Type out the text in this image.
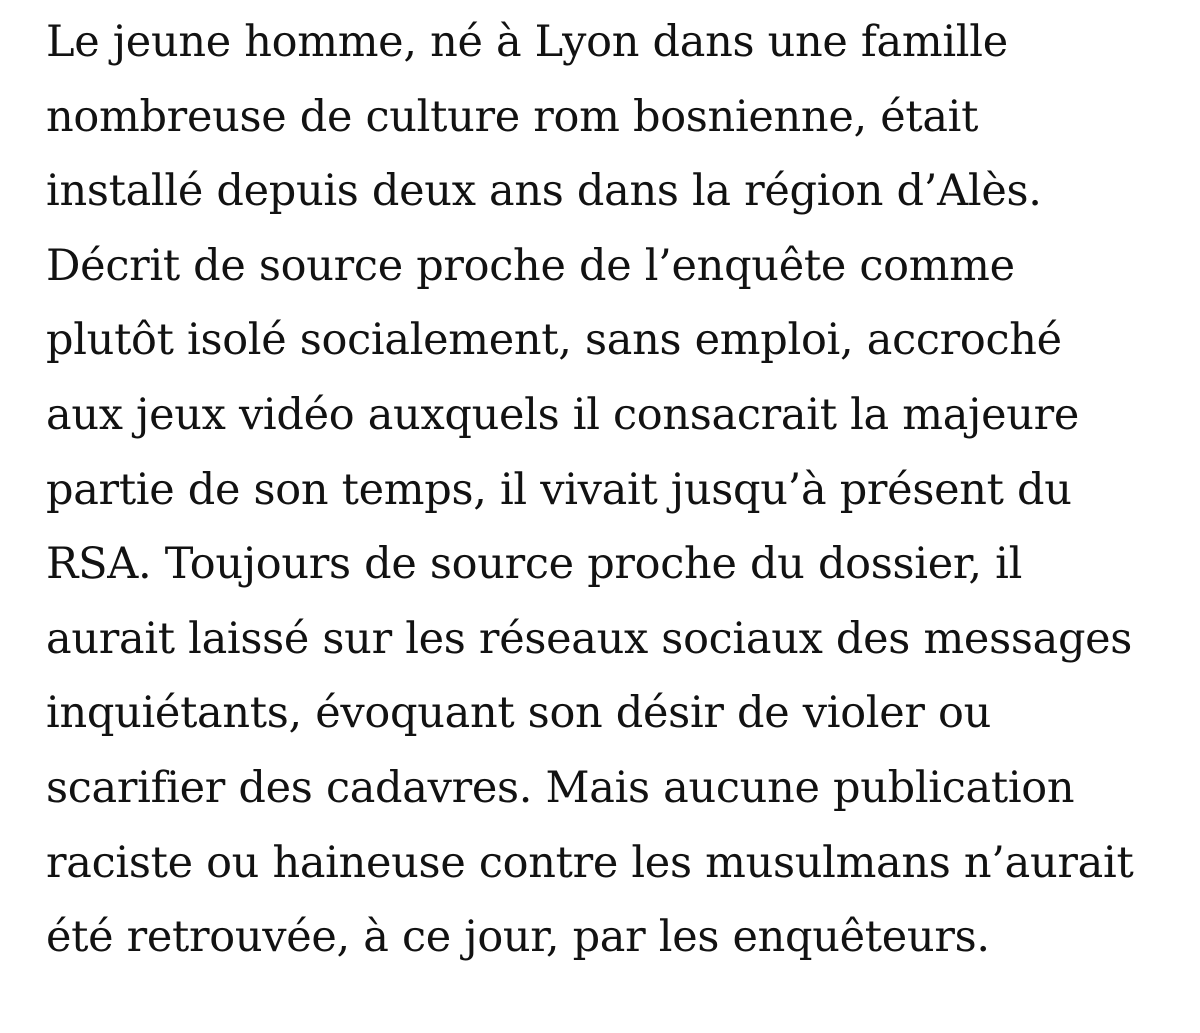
Le jeune homme, né à Lyon dans une famille
nombreuse de culture rom bosnienne, était
installé depuis deux ans dans la région d’Alès.
Décrit de source proche de l’enquête comme
plutôt isolé socialement, sans emploi, accroché
aux jeux vidéo auxquels il consacrait la majeure
partie de son temps, il vivait jusqu’à présent du
RSA. Toujours de source proche du dossier, il
aurait laissé sur les réseaux sociaux des messages
inquiétants, évoquant son désir de violer ou
scarifier des cadavres. Mais aucune publication
raciste ou haineuse contre les musulmans n’aurait
été retrouvée, à ce jour, par les enquêteurs.
